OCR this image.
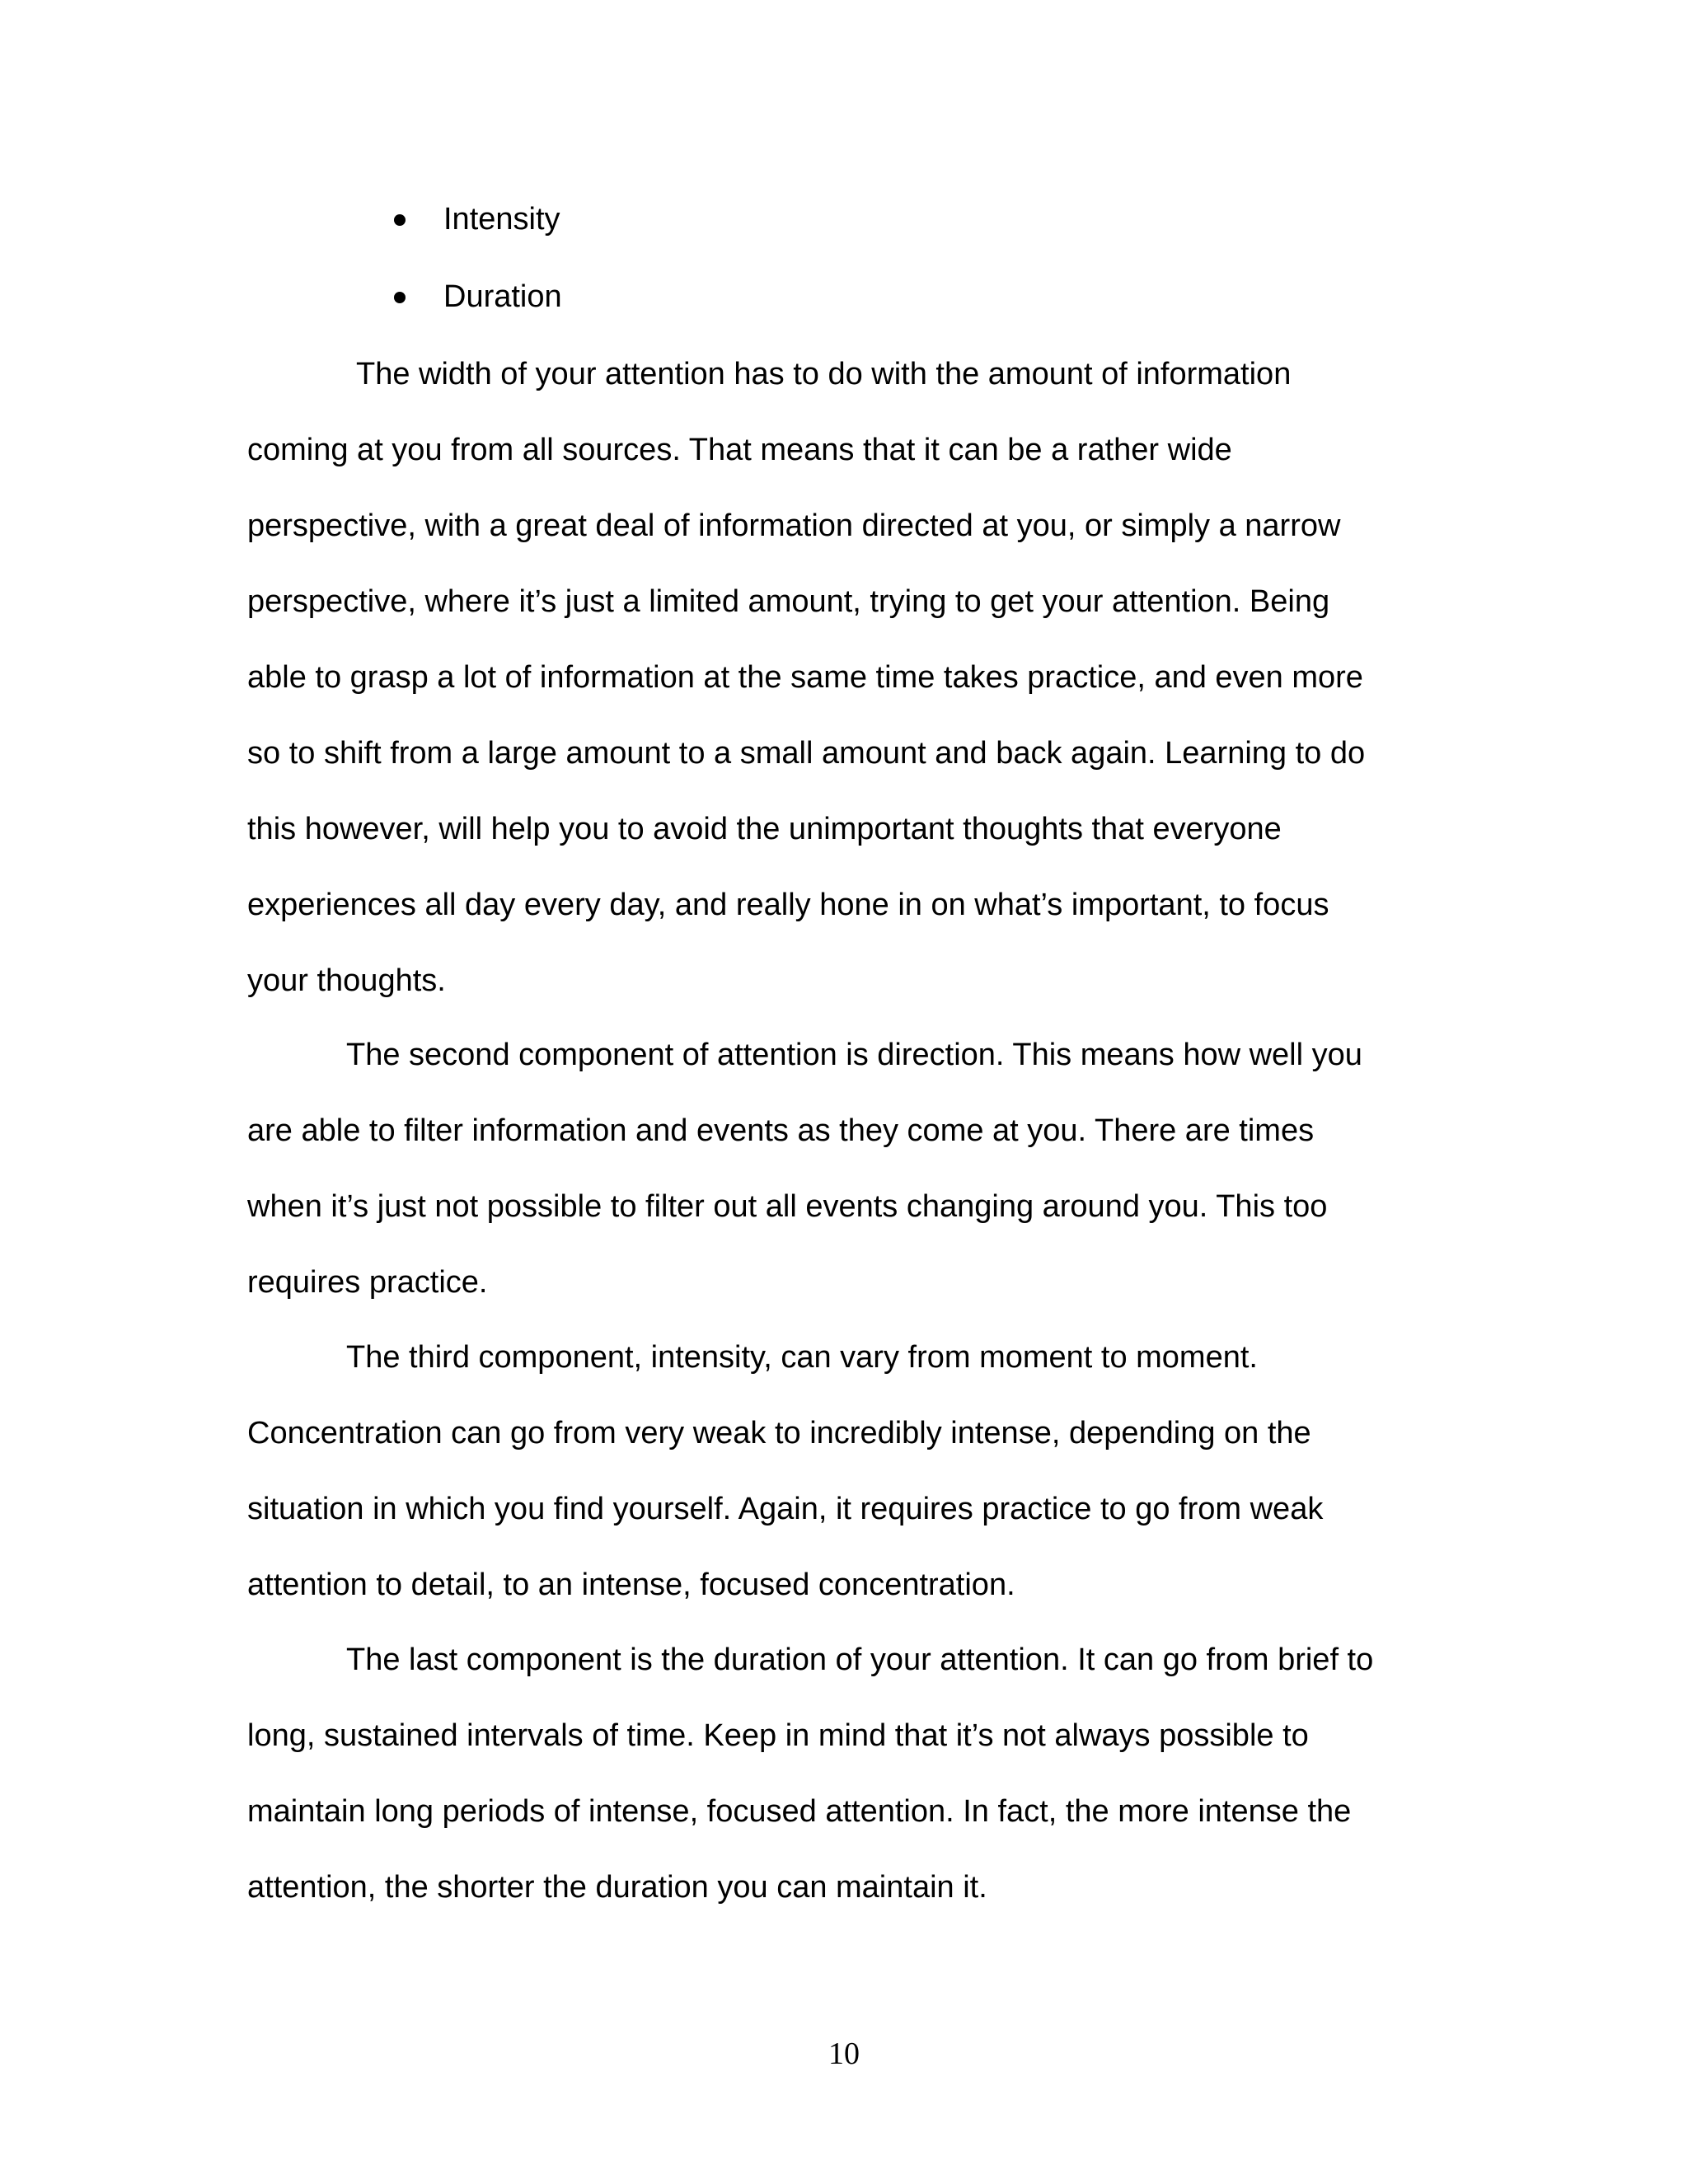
Intensity
Duration
The width of your attention has to do with the amount of information
coming at you from all sources. That means that it can be a rather wide
perspective, with a great deal of information directed at you, or simply a narrow
perspective, where it’s just a limited amount, trying to get your attention. Being
able to grasp a lot of information at the same time takes practice, and even more
so to shift from a large amount to a small amount and back again. Learning to do
this however, will help you to avoid the unimportant thoughts that everyone
experiences all day every day, and really hone in on what’s important, to focus
your thoughts.
The second component of attention is direction. This means how well you
are able to filter information and events as they come at you. There are times
when it’s just not possible to filter out all events changing around you. This too
requires practice.
The third component, intensity, can vary from moment to moment.
Concentration can go from very weak to incredibly intense, depending on the
situation in which you find yourself. Again, it requires practice to go from weak
attention to detail, to an intense, focused concentration.
The last component is the duration of your attention. It can go from brief to
long, sustained intervals of time. Keep in mind that it’s not always possible to
maintain long periods of intense, focused attention. In fact, the more intense the
attention, the shorter the duration you can maintain it.
10
